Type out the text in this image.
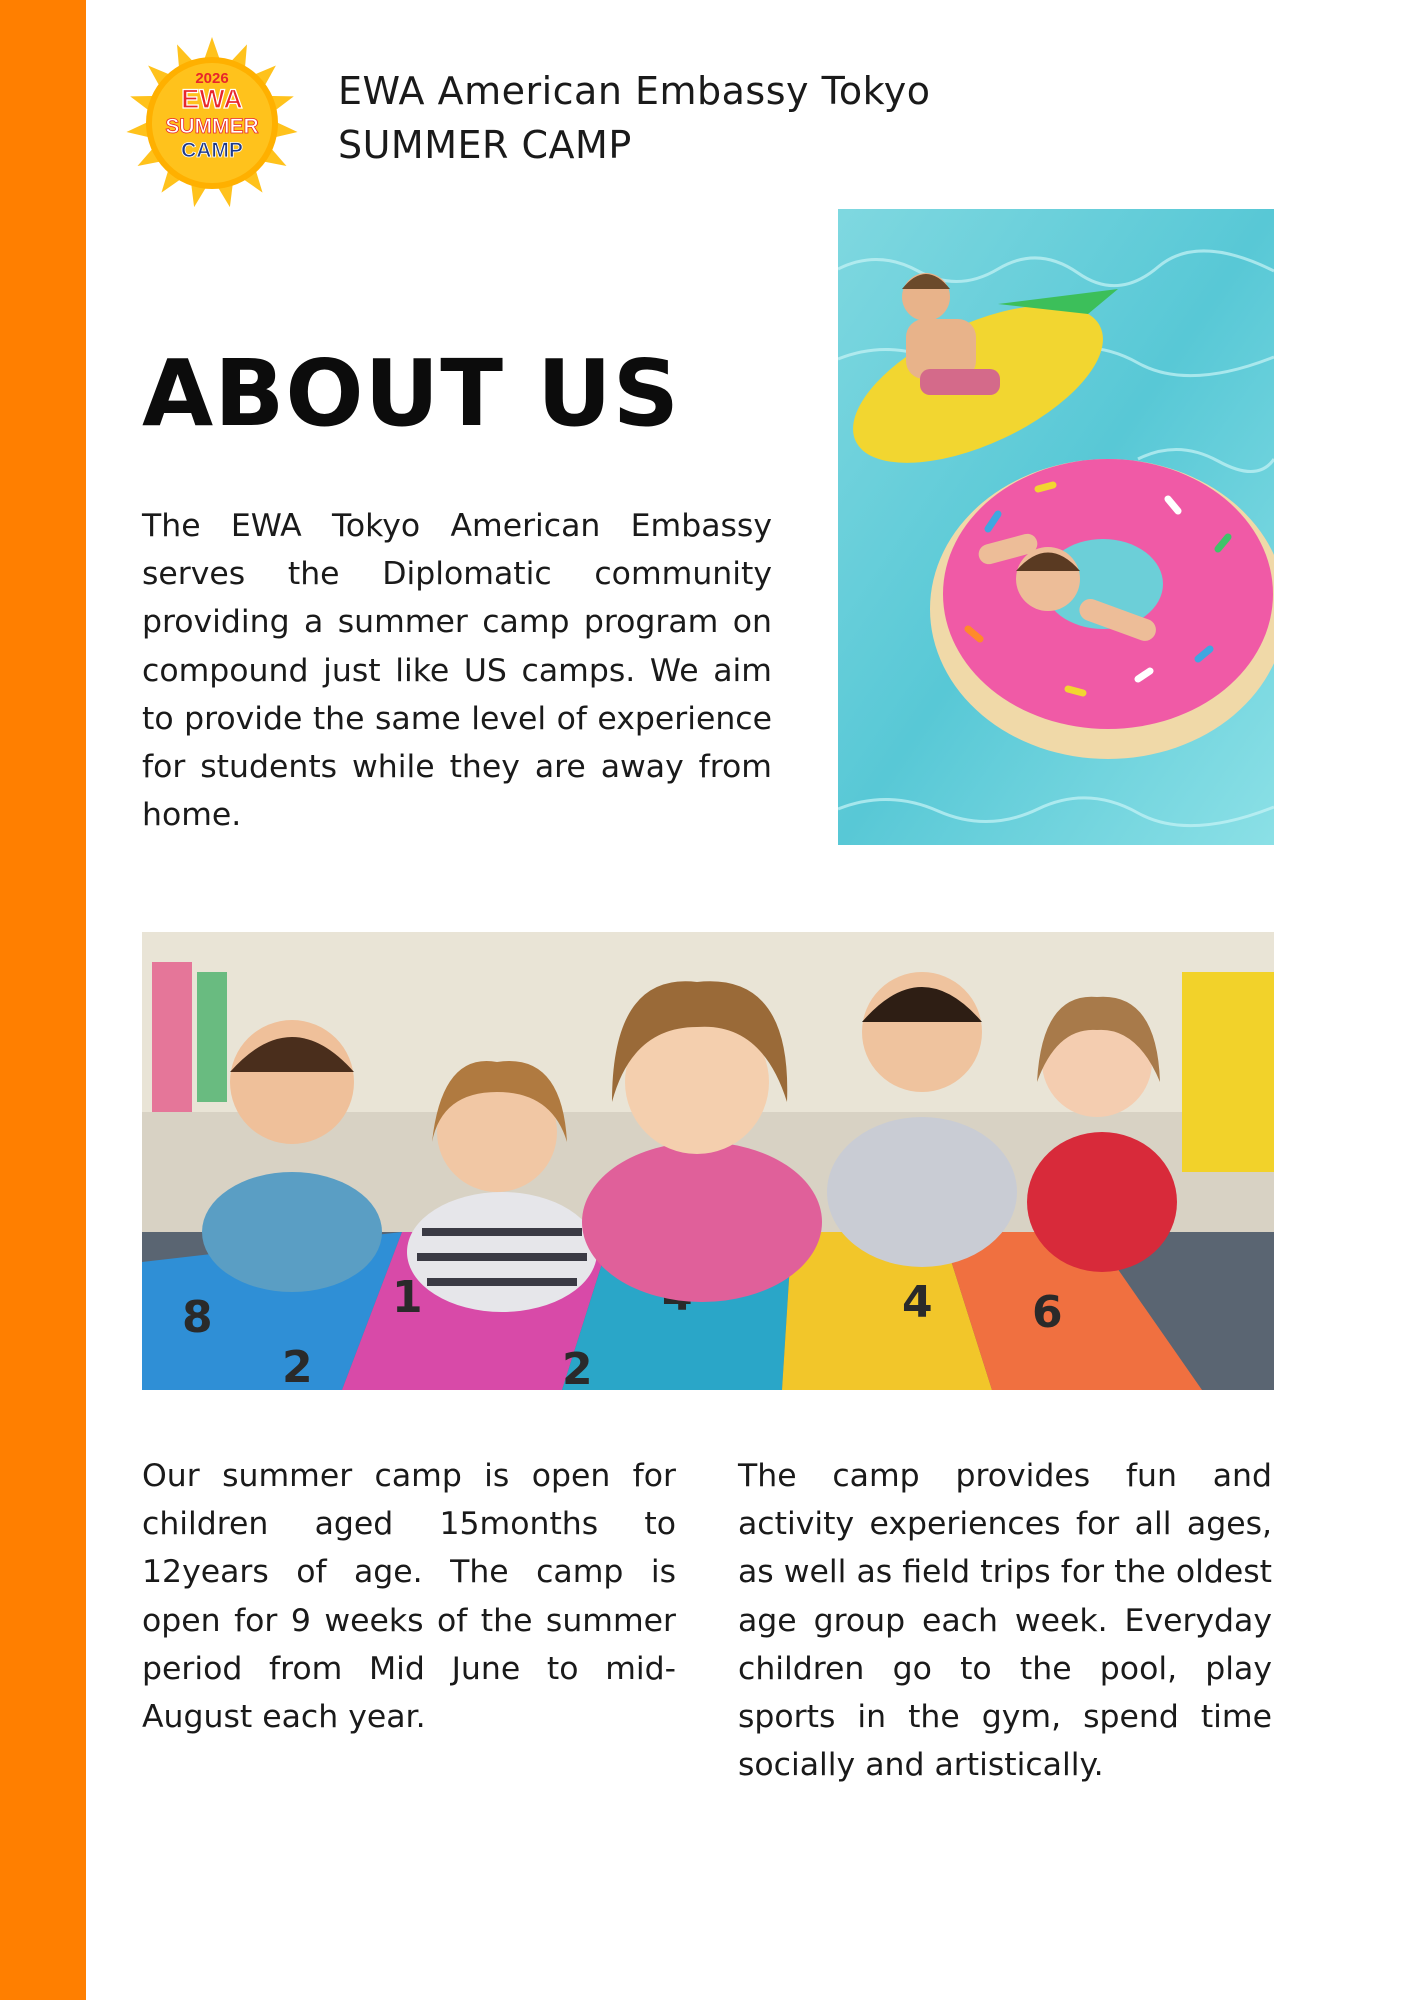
2026
EWA
SUMMER
CAMP
EWA American Embassy Tokyo
SUMMER CAMP
ABOUT US

The EWA Tokyo American Embassy serves the Diplomatic community providing a summer camp program on compound just like US camps. We aim to provide the same level of experience for students while they are away from home.

8	1	4 6
2	2

Our summer camp is open for children aged 15months to 12years of age. The camp is open for 9 weeks of the summer period from Mid June to mid-August each year.

The camp provides fun and activity experiences for all ages, as well as field trips for the oldest age group each week. Everyday children go to the pool, play sports in the gym, spend time socially and artistically.
